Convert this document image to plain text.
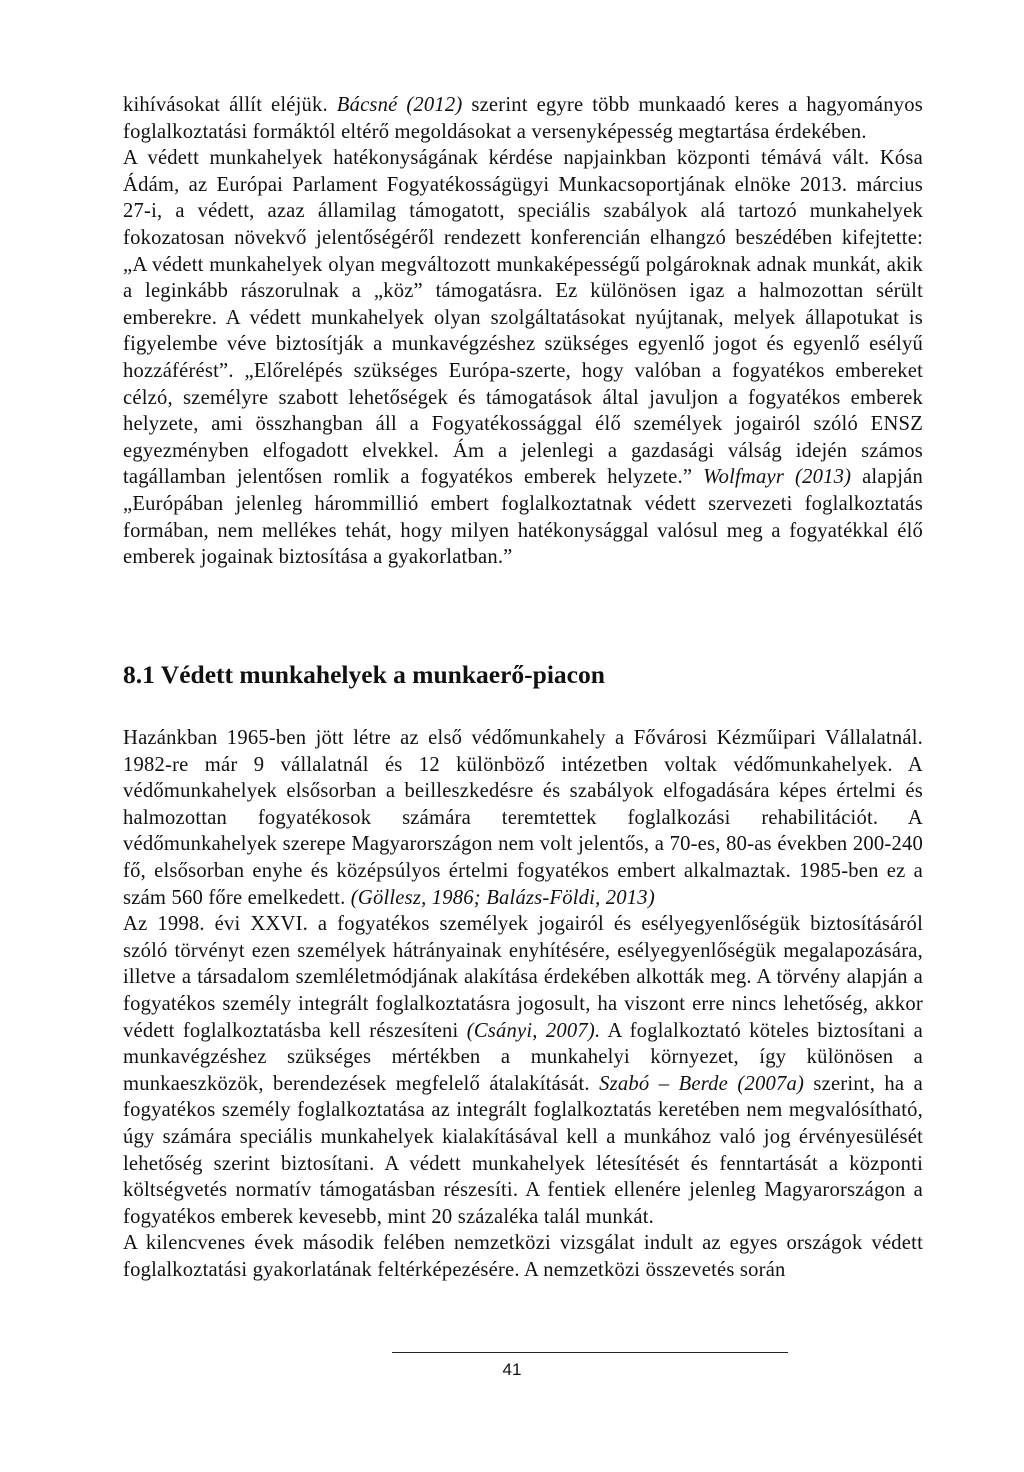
kihívásokat állít eléjük. Bácsné (2012) szerint egyre több munkaadó keres a hagyományos foglalkoztatási formáktól eltérő megoldásokat a versenyképesség megtartása érdekében.

A védett munkahelyek hatékonyságának kérdése napjainkban központi témává vált. Kósa Ádám, az Európai Parlament Fogyatékosságügyi Munkacsoportjának elnöke 2013. március 27-i, a védett, azaz államilag támogatott, speciális szabályok alá tartozó munkahelyek fokozatosan növekvő jelentőségéről rendezett konferencián elhangzó beszédében kifejtette: „A védett munkahelyek olyan megváltozott munkaképességű polgároknak adnak munkát, akik a leginkább rászorulnak a „köz” támogatásra. Ez különösen igaz a halmozottan sérült emberekre. A védett munkahelyek olyan szolgáltatásokat nyújtanak, melyek állapotukat is figyelembe véve biztosítják a munkavégzéshez szükséges egyenlő jogot és egyenlő esélyű hozzáférést”. „Előrelépés szükséges Európa-szerte, hogy valóban a fogyatékos embereket célzó, személyre szabott lehetőségek és támogatások által javuljon a fogyatékos emberek helyzete, ami összhangban áll a Fogyatékossággal élő személyek jogairól szóló ENSZ egyezményben elfogadott elvekkel. Ám a jelenlegi a gazdasági válság idején számos tagállamban jelentősen romlik a fogyatékos emberek helyzete.” Wolfmayr (2013) alapján „Európában jelenleg hárommillió embert foglalkoztatnak védett szervezeti foglalkoztatás formában, nem mellékes tehát, hogy milyen hatékonysággal valósul meg a fogyatékkal élő emberek jogainak biztosítása a gyakorlatban.”

8.1 Védett munkahelyek a munkaerő-piacon

Hazánkban 1965-ben jött létre az első védőmunkahely a Fővárosi Kézműipari Vállalatnál. 1982-re már 9 vállalatnál és 12 különböző intézetben voltak védőmunkahelyek. A védőmunkahelyek elsősorban a beilleszkedésre és szabályok elfogadására képes értelmi és halmozottan fogyatékosok számára teremtettek foglalkozási rehabilitációt. A védőmunkahelyek szerepe Magyarországon nem volt jelentős, a 70-es, 80-as években 200-240 fő, elsősorban enyhe és középsúlyos értelmi fogyatékos embert alkalmaztak. 1985-ben ez a szám 560 főre emelkedett. (Göllesz, 1986; Balázs-Földi, 2013)

Az 1998. évi XXVI. a fogyatékos személyek jogairól és esélyegyenlőségük biztosításáról szóló törvényt ezen személyek hátrányainak enyhítésére, esélyegyenlőségük megalapozására, illetve a társadalom szemléletmódjának alakítása érdekében alkották meg. A törvény alapján a fogyatékos személy integrált foglalkoztatásra jogosult, ha viszont erre nincs lehetőség, akkor védett foglalkoztatásba kell részesíteni (Csányi, 2007). A foglalkoztató köteles biztosítani a munkavégzéshez szükséges mértékben a munkahelyi környezet, így különösen a munkaeszközök, berendezések megfelelő átalakítását. Szabó – Berde (2007a) szerint, ha a fogyatékos személy foglalkoztatása az integrált foglalkoztatás keretében nem megvalósítható, úgy számára speciális munkahelyek kialakításával kell a munkához való jog érvényesülését lehetőség szerint biztosítani. A védett munkahelyek létesítését és fenntartását a központi költségvetés normatív támogatásban részesíti. A fentiek ellenére jelenleg Magyarországon a fogyatékos emberek kevesebb, mint 20 százaléka talál munkát.

A kilencvenes évek második felében nemzetközi vizsgálat indult az egyes országok védett foglalkoztatási gyakorlatának feltérképezésére. A nemzetközi összevetés során

41
